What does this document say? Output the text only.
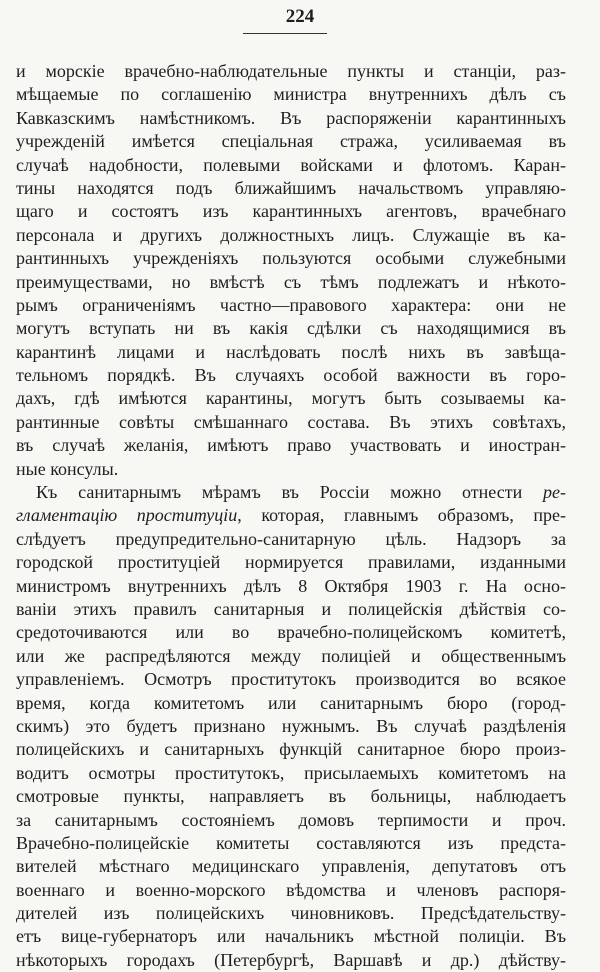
224
и морскіе врачебно-наблюдательные пункты и станціи, раз-
мѣщаемые по соглашенію министра внутреннихъ дѣлъ съ
Кавказскимъ намѣстникомъ. Въ распоряженіи карантинныхъ
учрежденій имѣется спеціальная стража, усиливаемая въ
случаѣ надобности, полевыми войсками и флотомъ. Каран-
тины находятся подъ ближайшимъ начальствомъ управляю-
щаго и состоятъ изъ карантинныхъ агентовъ, врачебнаго
персонала и другихъ должностныхъ лицъ. Служащіе въ ка-
рантинныхъ учрежденіяхъ пользуются особыми служебными
преимуществами, но вмѣстѣ съ тѣмъ подлежатъ и нѣкото-
рымъ ограниченіямъ частно—правового характера: они не
могутъ вступать ни въ какія сдѣлки съ находящимися въ
карантинѣ лицами и наслѣдовать послѣ нихъ въ завѣща-
тельномъ порядкѣ. Въ случаяхъ особой важности въ горо-
дахъ, гдѣ имѣются карантины, могутъ быть созываемы ка-
рантинные совѣты смѣшаннаго состава. Въ этихъ совѣтахъ,
въ случаѣ желанія, имѣютъ право участвовать и иностран-
ные консулы.
Къ санитарнымъ мѣрамъ въ Россіи можно отнести ре-
гламентацію проституціи, которая, главнымъ образомъ, пре-
слѣдуетъ предупредительно-санитарную цѣль. Надзоръ за
городской проституціей нормируется правилами, изданными
министромъ внутреннихъ дѣлъ 8 Октября 1903 г. На осно-
ваніи этихъ правилъ санитарныя и полицейскія дѣйствія со-
средоточиваются или во врачебно-полицейскомъ комитетѣ,
или же распредѣляются между полиціей и общественнымъ
управленіемъ. Осмотръ проститутокъ производится во всякое
время, когда комитетомъ или санитарнымъ бюро (город-
скимъ) это будетъ признано нужнымъ. Въ случаѣ раздѣленія
полицейскихъ и санитарныхъ функцій санитарное бюро произ-
водитъ осмотры проститутокъ, присылаемыхъ комитетомъ на
смотровые пункты, направляетъ въ больницы, наблюдаетъ
за санитарнымъ состояніемъ домовъ терпимости и проч.
Врачебно-полицейскіе комитеты составляются изъ предста-
вителей мѣстнаго медицинскаго управленія, депутатовъ отъ
военнаго и военно-морского вѣдомства и членовъ распоря-
дителей изъ полицейскихъ чиновниковъ. Предсѣдательству-
етъ вице-губернаторъ или начальникъ мѣстной полиціи. Въ
нѣкоторыхъ городахъ (Петербургѣ, Варшавѣ и др.) дѣйству-
